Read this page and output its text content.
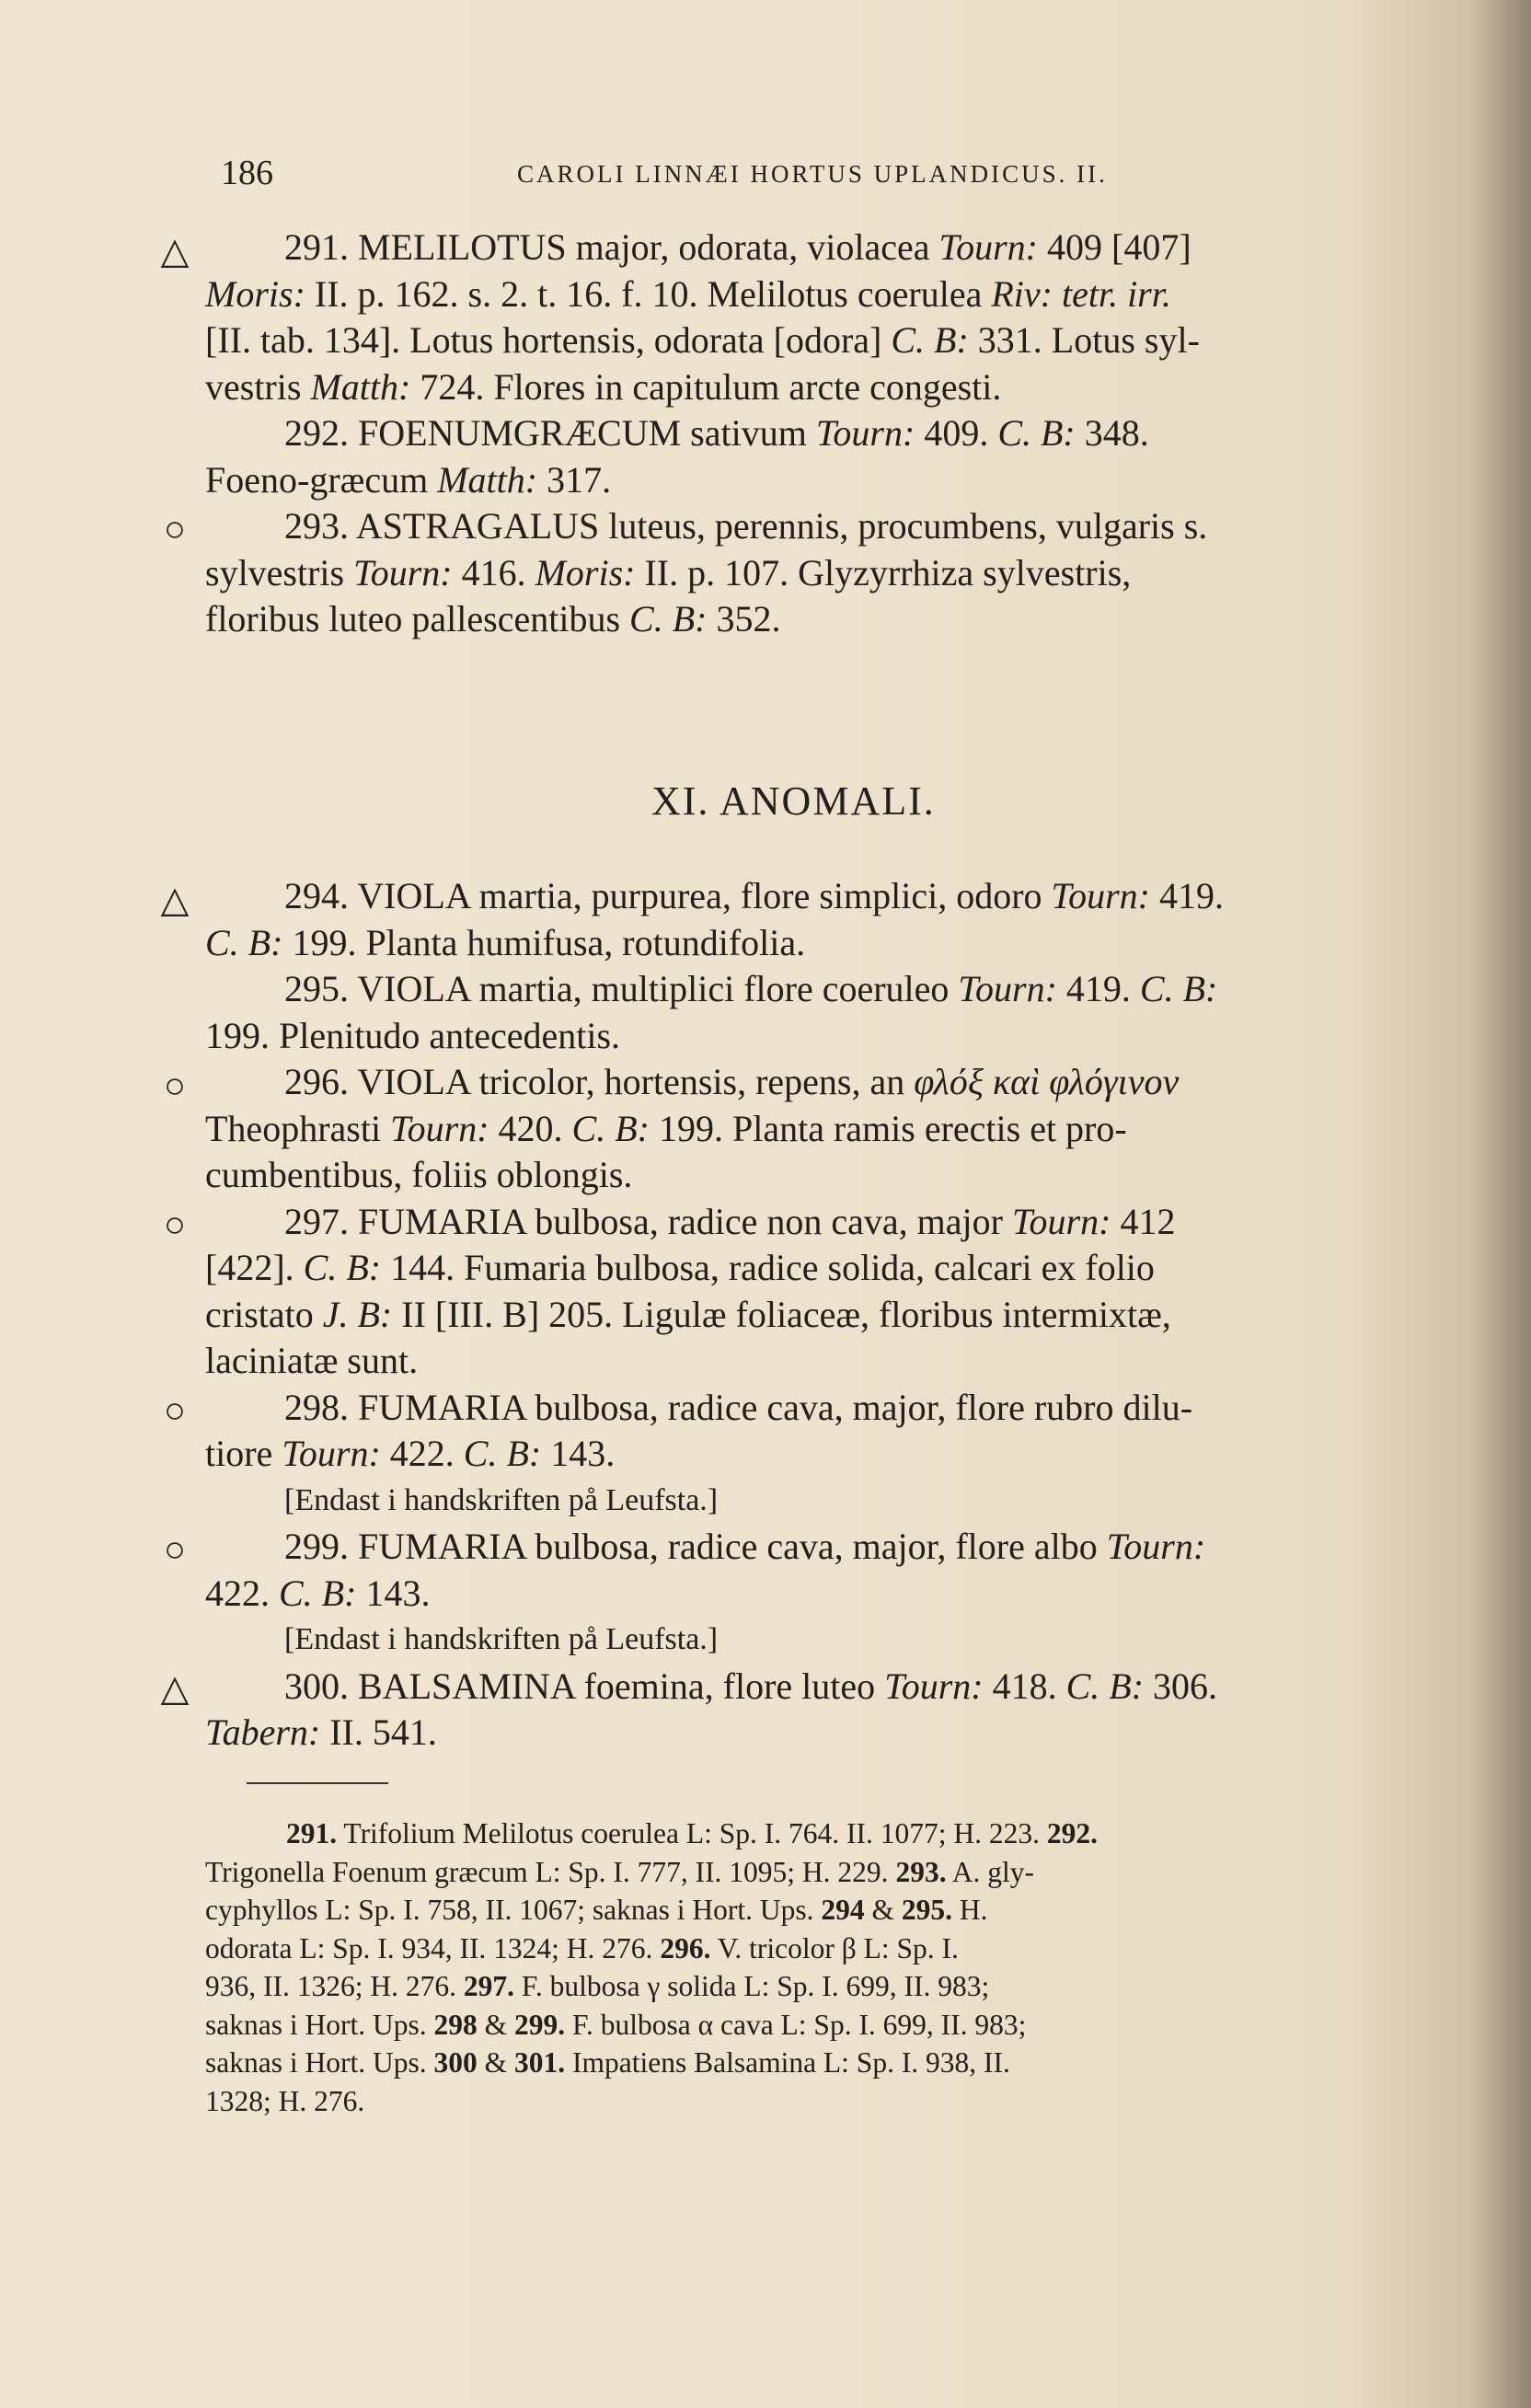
186	CAROLI LINNÆI HORTUS UPLANDICUS. II.
△
○
△
○
○
○
○
△
291. MELILOTUS major, odorata, violacea Tourn: 409 [407]
Moris: II. p. 162. s. 2. t. 16. f. 10. Melilotus coerulea Riv: tetr. irr.
[II. tab. 134]. Lotus hortensis, odorata [odora] C. B: 331. Lotus syl-
vestris Matth: 724. Flores in capitulum arcte congesti.
292. FOENUMGRÆCUM sativum Tourn: 409. C. B: 348.
Foeno-græcum Matth: 317.
293. ASTRAGALUS luteus, perennis, procumbens, vulgaris s.
sylvestris Tourn: 416. Moris: II. p. 107. Glyzyrrhiza sylvestris,
floribus luteo pallescentibus C. B: 352.
XI. ANOMALI.
294. VIOLA martia, purpurea, flore simplici, odoro Tourn: 419.
C. B: 199. Planta humifusa, rotundifolia.
295. VIOLA martia, multiplici flore coeruleo Tourn: 419. C. B:
199. Plenitudo antecedentis.
296. VIOLA tricolor, hortensis, repens, an φλόξ καὶ φλόγινον
Theophrasti Tourn: 420. C. B: 199. Planta ramis erectis et pro-
cumbentibus, foliis oblongis.
297. FUMARIA bulbosa, radice non cava, major Tourn: 412
[422]. C. B: 144. Fumaria bulbosa, radice solida, calcari ex folio
cristato J. B: II [III. B] 205. Ligulæ foliaceæ, floribus intermixtæ,
laciniatæ sunt.
298. FUMARIA bulbosa, radice cava, major, flore rubro dilu-
tiore Tourn: 422. C. B: 143.
[Endast i handskriften på Leufsta.]
299. FUMARIA bulbosa, radice cava, major, flore albo Tourn:
422. C. B: 143.
[Endast i handskriften på Leufsta.]
300. BALSAMINA foemina, flore luteo Tourn: 418. C. B: 306.
Tabern: II. 541.
291. Trifolium Melilotus coerulea L: Sp. I. 764. II. 1077; H. 223. 292.
Trigonella Foenum græcum L: Sp. I. 777, II. 1095; H. 229. 293. A. gly-
cyphyllos L: Sp. I. 758, II. 1067; saknas i Hort. Ups. 294 & 295. H.
odorata L: Sp. I. 934, II. 1324; H. 276. 296. V. tricolor β L: Sp. I.
936, II. 1326; H. 276. 297. F. bulbosa γ solida L: Sp. I. 699, II. 983;
saknas i Hort. Ups. 298 & 299. F. bulbosa α cava L: Sp. I. 699, II. 983;
saknas i Hort. Ups. 300 & 301. Impatiens Balsamina L: Sp. I. 938, II.
1328; H. 276.
